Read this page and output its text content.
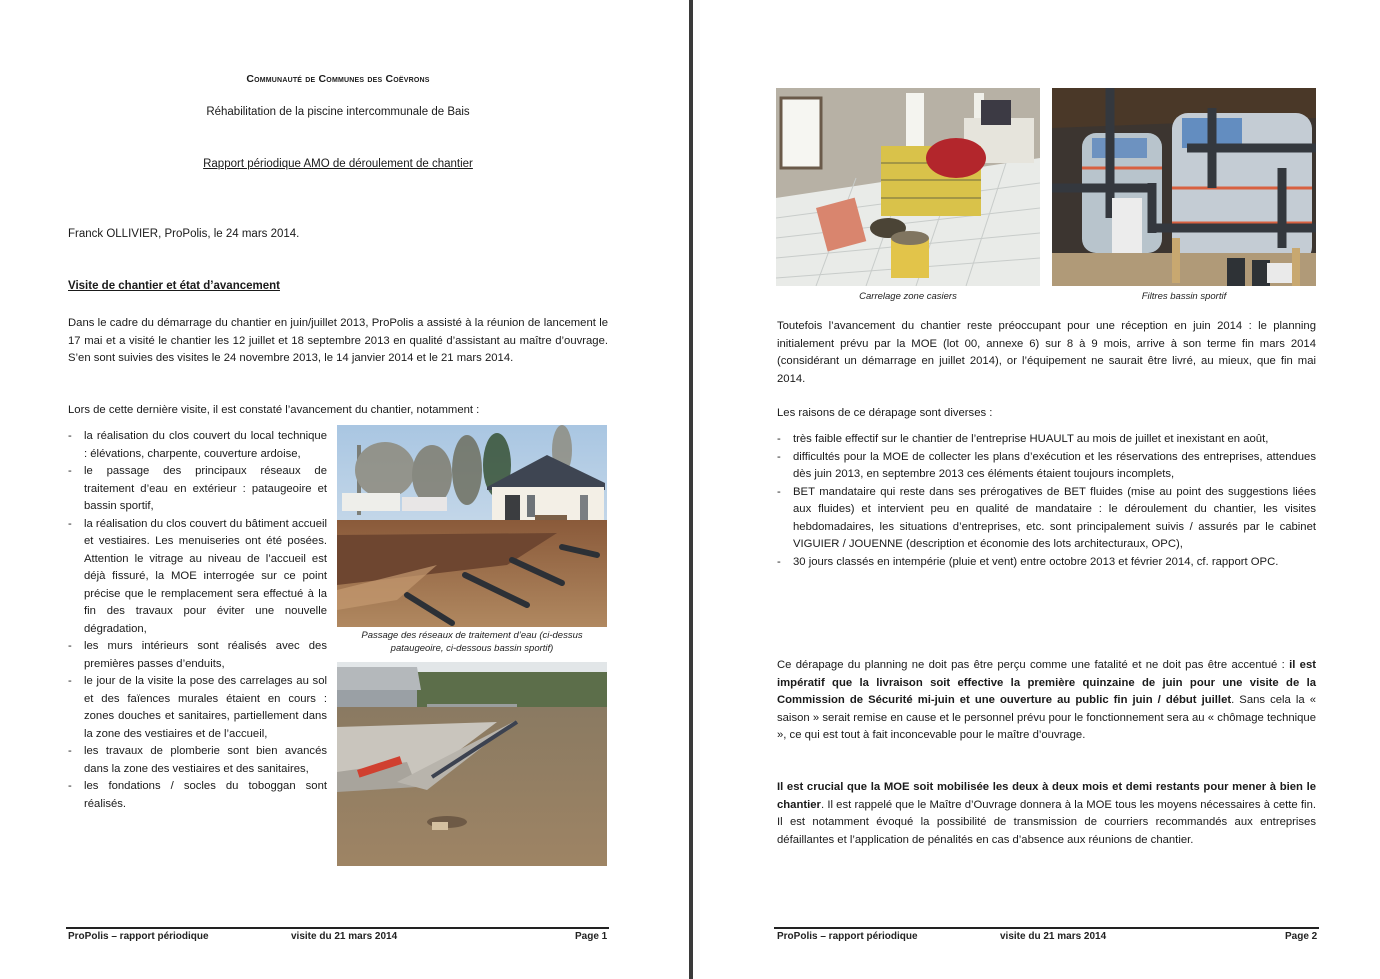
Communauté de Communes des Coëvrons
Réhabilitation de la piscine intercommunale de Bais
Rapport périodique AMO de déroulement de chantier
Franck OLLIVIER, ProPolis, le 24 mars 2014.
Visite de chantier et état d’avancement

Dans le cadre du démarrage du chantier en juin/juillet 2013, ProPolis a assisté à la réunion de lancement le 17 mai et a visité le chantier les 12 juillet et 18 septembre 2013 en qualité d’assistant au maître d’ouvrage. S’en sont suivies des visites le 24 novembre 2013, le 14 janvier 2014 et le 21 mars 2014.

Lors de cette dernière visite, il est constaté l’avancement du chantier, notamment :

- la réalisation du clos couvert du local technique : élévations, charpente, couverture ardoise,
- le passage des principaux réseaux de traitement d’eau en extérieur : pataugeoire et bassin sportif,
- la réalisation du clos couvert du bâtiment accueil et vestiaires. Les menuiseries ont été posées. Attention le vitrage au niveau de l’accueil est déjà fissuré, la MOE interrogée sur ce point précise que le remplacement sera effectué à la fin des travaux pour éviter une nouvelle dégradation,
- les murs intérieurs sont réalisés avec des premières passes d’enduits,
- le jour de la visite la pose des carrelages au sol et des faïences murales étaient en cours : zones douches et sanitaires, partiellement dans la zone des vestiaires et de l’accueil,
- les travaux de plomberie sont bien avancés dans la zone des vestiaires et des sanitaires,
- les fondations / socles du toboggan sont réalisés.
Passage des réseaux de traitement d’eau (ci-dessus pataugeoire, ci-dessous bassin sportif)
ProPolis – rapport périodique	visite du 21 mars 2014	Page 1
Carrelage zone casiers	Filtres bassin sportif

Toutefois l’avancement du chantier reste préoccupant pour une réception en juin 2014 : le planning initialement prévu par la MOE (lot 00, annexe 6) sur 8 à 9 mois, arrive à son terme fin mars 2014 (considérant un démarrage en juillet 2014), or l’équipement ne saurait être livré, au mieux, que fin mai 2014.

Les raisons de ce dérapage sont diverses :

- très faible effectif sur le chantier de l’entreprise HUAULT au mois de juillet et inexistant en août,
- difficultés pour la MOE de collecter les plans d’exécution et les réservations des entreprises, attendues dès juin 2013, en septembre 2013 ces éléments étaient toujours incomplets,
- BET mandataire qui reste dans ses prérogatives de BET fluides (mise au point des suggestions liées aux fluides) et intervient peu en qualité de mandataire : le déroulement du chantier, les visites hebdomadaires, les situations d’entreprises, etc. sont principalement suivis / assurés par le cabinet VIGUIER / JOUENNE (description et économie des lots architecturaux, OPC),
- 30 jours classés en intempérie (pluie et vent) entre octobre 2013 et février 2014, cf. rapport OPC.

Ce dérapage du planning ne doit pas être perçu comme une fatalité et ne doit pas être accentué : il est impératif que la livraison soit effective la première quinzaine de juin pour une visite de la Commission de Sécurité mi-juin et une ouverture au public fin juin / début juillet. Sans cela la « saison » serait remise en cause et le personnel prévu pour le fonctionnement sera au « chômage technique », ce qui est tout à fait inconcevable pour le maître d’ouvrage.

Il est crucial que la MOE soit mobilisée les deux à deux mois et demi restants pour mener à bien le chantier. Il est rappelé que le Maître d’Ouvrage donnera à la MOE tous les moyens nécessaires à cette fin. Il est notamment évoqué la possibilité de transmission de courriers recommandés aux entreprises défaillantes et l’application de pénalités en cas d’absence aux réunions de chantier.

ProPolis – rapport périodique	visite du 21 mars 2014	Page 2
